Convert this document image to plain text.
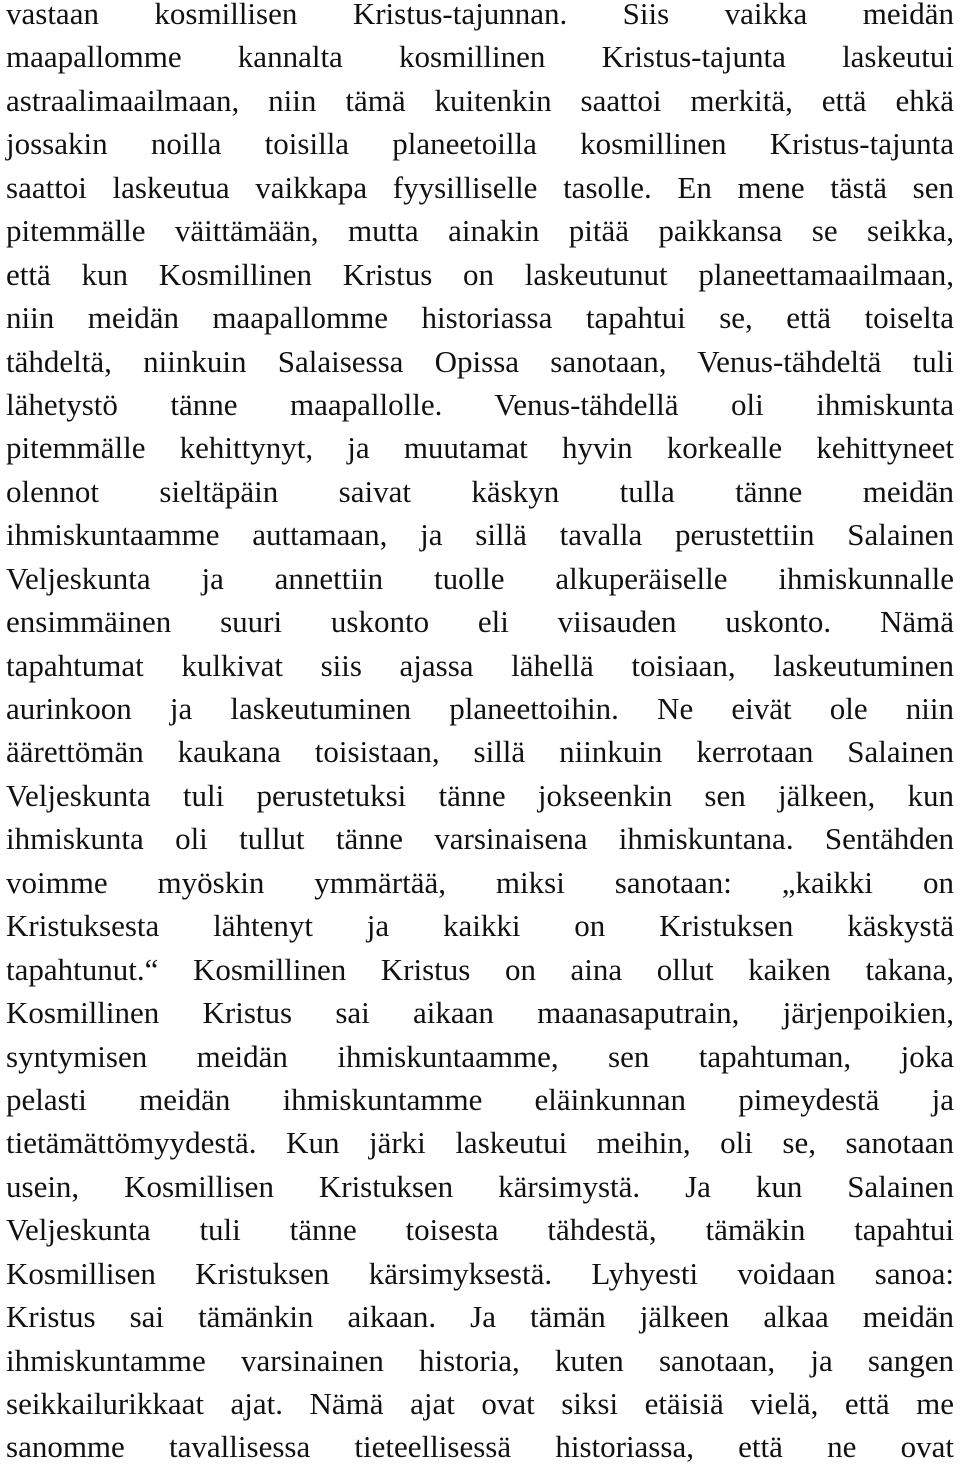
vastaan kosmillisen Kristus-tajunnan. Siis vaikka meidän
maapallomme kannalta kosmillinen Kristus-tajunta laskeutui
astraalimaailmaan, niin tämä kuitenkin saattoi merkitä, että ehkä
jossakin noilla toisilla planeetoilla kosmillinen Kristus-tajunta
saattoi laskeutua vaikkapa fyysilliselle tasolle. En mene tästä sen
pitemmälle väittämään, mutta ainakin pitää paikkansa se seikka,
että kun Kosmillinen Kristus on laskeutunut planeettamaailmaan,
niin meidän maapallomme historiassa tapahtui se, että toiselta
tähdeltä, niinkuin Salaisessa Opissa sanotaan, Venus-tähdeltä tuli
lähetystö tänne maapallolle. Venus-tähdellä oli ihmiskunta
pitemmälle kehittynyt, ja muutamat hyvin korkealle kehittyneet
olennot sieltäpäin saivat käskyn tulla tänne meidän
ihmiskuntaamme auttamaan, ja sillä tavalla perustettiin Salainen
Veljeskunta ja annettiin tuolle alkuperäiselle ihmiskunnalle
ensimmäinen suuri uskonto eli viisauden uskonto. Nämä
tapahtumat kulkivat siis ajassa lähellä toisiaan, laskeutuminen
aurinkoon ja laskeutuminen planeettoihin. Ne eivät ole niin
äärettömän kaukana toisistaan, sillä niinkuin kerrotaan Salainen
Veljeskunta tuli perustetuksi tänne jokseenkin sen jälkeen, kun
ihmiskunta oli tullut tänne varsinaisena ihmiskuntana. Sentähden
voimme myöskin ymmärtää, miksi sanotaan: „kaikki on
Kristuksesta lähtenyt ja kaikki on Kristuksen käskystä
tapahtunut.“ Kosmillinen Kristus on aina ollut kaiken takana,
Kosmillinen Kristus sai aikaan maanasaputrain, järjenpoikien,
syntymisen meidän ihmiskuntaamme, sen tapahtuman, joka
pelasti meidän ihmiskuntamme eläinkunnan pimeydestä ja
tietämättömyydestä. Kun järki laskeutui meihin, oli se, sanotaan
usein, Kosmillisen Kristuksen kärsimystä. Ja kun Salainen
Veljeskunta tuli tänne toisesta tähdestä, tämäkin tapahtui
Kosmillisen Kristuksen kärsimyksestä. Lyhyesti voidaan sanoa:
Kristus sai tämänkin aikaan. Ja tämän jälkeen alkaa meidän
ihmiskuntamme varsinainen historia, kuten sanotaan, ja sangen
seikkailurikkaat ajat. Nämä ajat ovat siksi etäisiä vielä, että me
sanomme tavallisessa tieteellisessä historiassa, että ne ovat
